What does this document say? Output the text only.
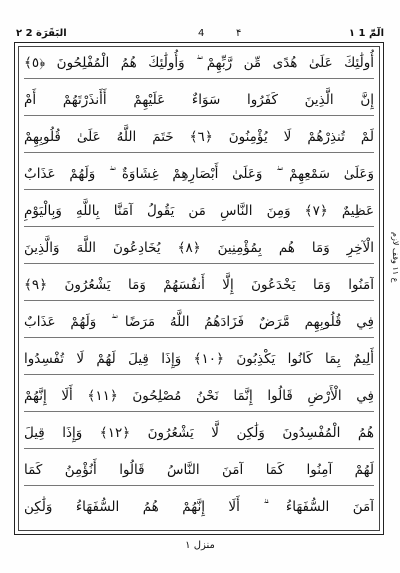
البَقَرَة 2 ٢	4	۴	الٓمّٓ 1 ١
أُولَٰئِكَ عَلَىٰ هُدًى مِّن رَّبِّهِمْ ۖ وَأُولَٰئِكَ هُمُ الْمُفْلِحُونَ ﴿٥﴾
إِنَّ الَّذِينَ كَفَرُوا سَوَاءٌ عَلَيْهِمْ أَأَنذَرْتَهُمْ أَمْ
لَمْ تُنذِرْهُمْ لَا يُؤْمِنُونَ ﴿٦﴾ خَتَمَ اللَّهُ عَلَىٰ قُلُوبِهِمْ
وَعَلَىٰ سَمْعِهِمْ ۖ وَعَلَىٰ أَبْصَارِهِمْ غِشَاوَةٌ ۖ وَلَهُمْ عَذَابٌ
عَظِيمٌ ﴿٧﴾ وَمِنَ النَّاسِ مَن يَقُولُ آمَنَّا بِاللَّهِ وَبِالْيَوْمِ
الْآخِرِ وَمَا هُم بِمُؤْمِنِينَ ﴿٨﴾ يُخَادِعُونَ اللَّهَ وَالَّذِينَ
آمَنُوا وَمَا يَخْدَعُونَ إِلَّا أَنفُسَهُمْ وَمَا يَشْعُرُونَ ﴿٩﴾
فِي قُلُوبِهِم مَّرَضٌ فَزَادَهُمُ اللَّهُ مَرَضًا ۖ وَلَهُمْ عَذَابٌ
أَلِيمٌ بِمَا كَانُوا يَكْذِبُونَ ﴿١٠﴾ وَإِذَا قِيلَ لَهُمْ لَا تُفْسِدُوا
فِي الْأَرْضِ قَالُوا إِنَّمَا نَحْنُ مُصْلِحُونَ ﴿١١﴾ أَلَا إِنَّهُمْ
هُمُ الْمُفْسِدُونَ وَلَٰكِن لَّا يَشْعُرُونَ ﴿١٢﴾ وَإِذَا قِيلَ
لَهُمْ آمِنُوا كَمَا آمَنَ النَّاسُ قَالُوا أَنُؤْمِنُ كَمَا
آمَنَ السُّفَهَاءُ ۗ أَلَا إِنَّهُمْ هُمُ السُّفَهَاءُ وَلَٰكِن
ع ۱۱ وقف لازم
منزل ١
